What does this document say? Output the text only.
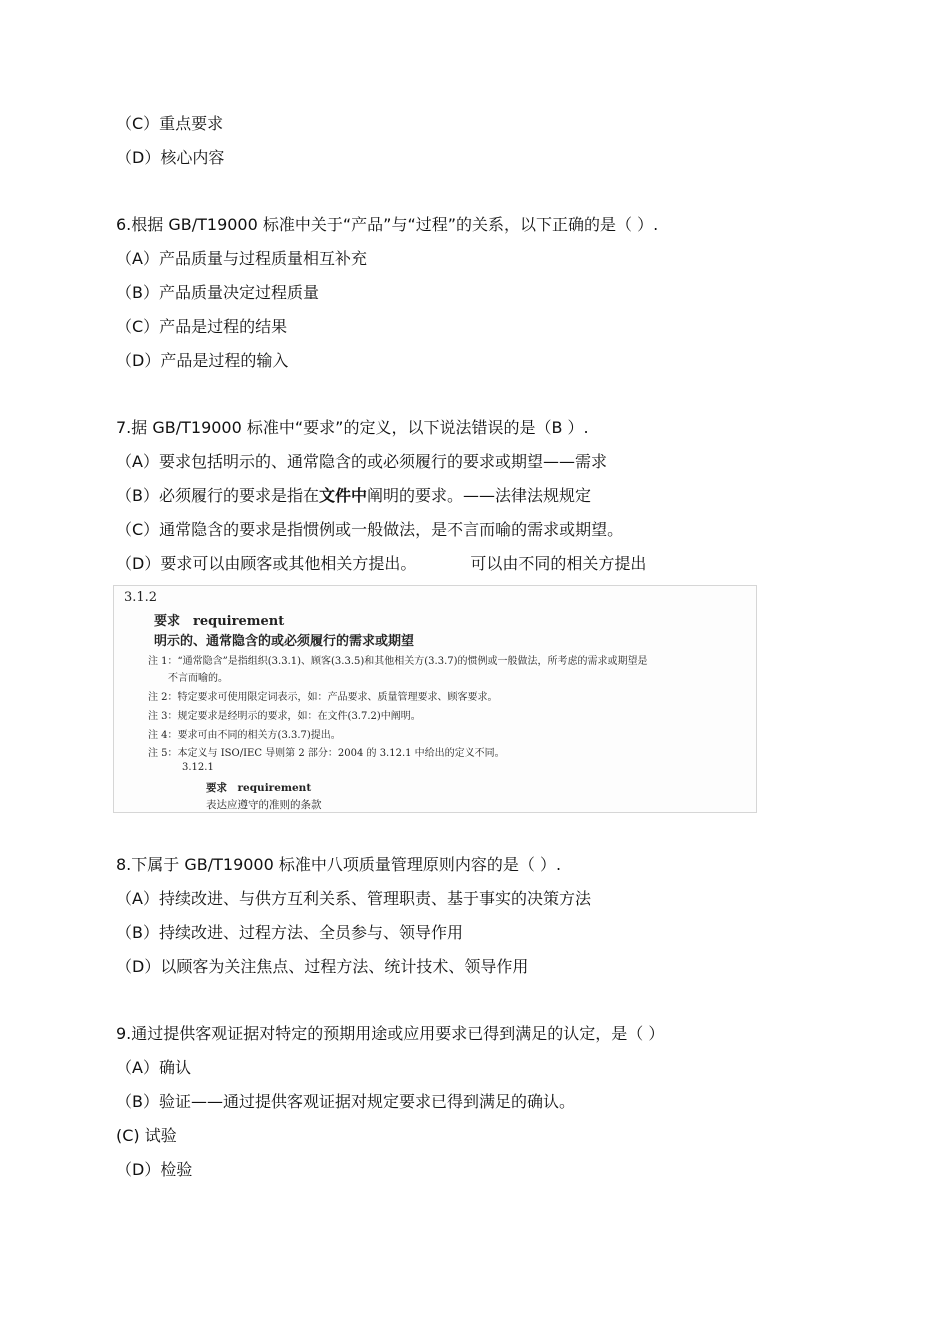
（C）重点要求
（D）核心内容
6.根据 GB/T19000 标准中关于“产品”与“过程”的关系，以下正确的是（ ）.
（A）产品质量与过程质量相互补充
（B）产品质量决定过程质量
（C）产品是过程的结果
（D）产品是过程的输入
7.据 GB/T19000 标准中“要求”的定义，以下说法错误的是（B ）.
（A）要求包括明示的、通常隐含的或必须履行的要求或期望——需求
（B）必须履行的要求是指在文件中阐明的要求。——法律法规规定
（C）通常隐含的要求是指惯例或一般做法，是不言而喻的需求或期望。
（D）要求可以由顾客或其他相关方提出。	可以由不同的相关方提出
3.1.2
要求　requirement
明示的、通常隐含的或必须履行的需求或期望
注 1：“通常隐含”是指组织(3.3.1)、顾客(3.3.5)和其他相关方(3.3.7)的惯例或一般做法，所考虑的需求或期望是
不言而喻的。
注 2：特定要求可使用限定词表示，如：产品要求、质量管理要求、顾客要求。
注 3：规定要求是经明示的要求，如：在文件(3.7.2)中阐明。
注 4：要求可由不同的相关方(3.3.7)提出。
注 5：本定义与 ISO/IEC 导则第 2 部分：2004 的 3.12.1 中给出的定义不同。
3.12.1
要求　requirement
表达应遵守的准则的条款
8.下属于 GB/T19000 标准中八项质量管理原则内容的是（ ）.
（A）持续改进、与供方互利关系、管理职责、基于事实的决策方法
（B）持续改进、过程方法、全员参与、领导作用
（D）以顾客为关注焦点、过程方法、统计技术、领导作用
9.通过提供客观证据对特定的预期用途或应用要求已得到满足的认定，是（ ）
（A）确认
（B）验证——通过提供客观证据对规定要求已得到满足的确认。
(C) 试验
（D）检验
